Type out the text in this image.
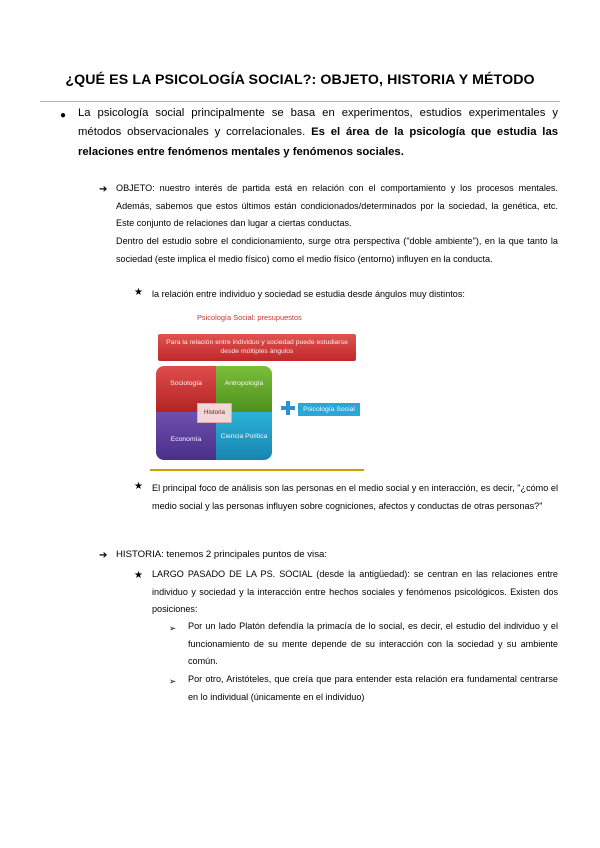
¿QUÉ ES LA PSICOLOGÍA SOCIAL?: OBJETO, HISTORIA Y MÉTODO
● La psicología social principalmente se basa en experimentos, estudios experimentales y métodos observacionales y correlacionales. Es el área de la psicología que estudia las relaciones entre fenómenos mentales y fenómenos sociales.
➔ OBJETO: nuestro interés de partida está en relación con el comportamiento y los procesos mentales. Además, sabemos que estos últimos están condicionados/determinados por la sociedad, la genética, etc. Este conjunto de relaciones dan lugar a ciertas conductas.
Dentro del estudio sobre el condicionamiento, surge otra perspectiva ("doble ambiente"), en la que tanto la sociedad (este implica el medio físico) como el medio físico (entorno) influyen en la conducta.
★ la relación entre individuo y sociedad se estudia desde ángulos muy distintos:
Psicología Social: presupuestos
Para la relación entre individuo y sociedad puede estudiarse desde múltiples ángulos
Sociología	Antropología
Economía	Ciencia Política
Historia	Psicología Social
★ El principal foco de análisis son las personas en el medio social y en interacción, es decir, "¿cómo el medio social y las personas influyen sobre cogniciones, afectos y conductas de otras personas?"
➔ HISTORIA: tenemos 2 principales puntos de visa:
★ LARGO PASADO DE LA PS. SOCIAL (desde la antigüedad): se centran en las relaciones entre individuo y sociedad y la interacción entre hechos sociales y fenómenos psicológicos. Existen dos posiciones:
➢ Por un lado Platón defendía la primacía de lo social, es decir, el estudio del individuo y el funcionamiento de su mente depende de su interacción con la sociedad y su ambiente común.
➢ Por otro, Aristóteles, que creía que para entender esta relación era fundamental centrarse en lo individual (únicamente en el individuo)
